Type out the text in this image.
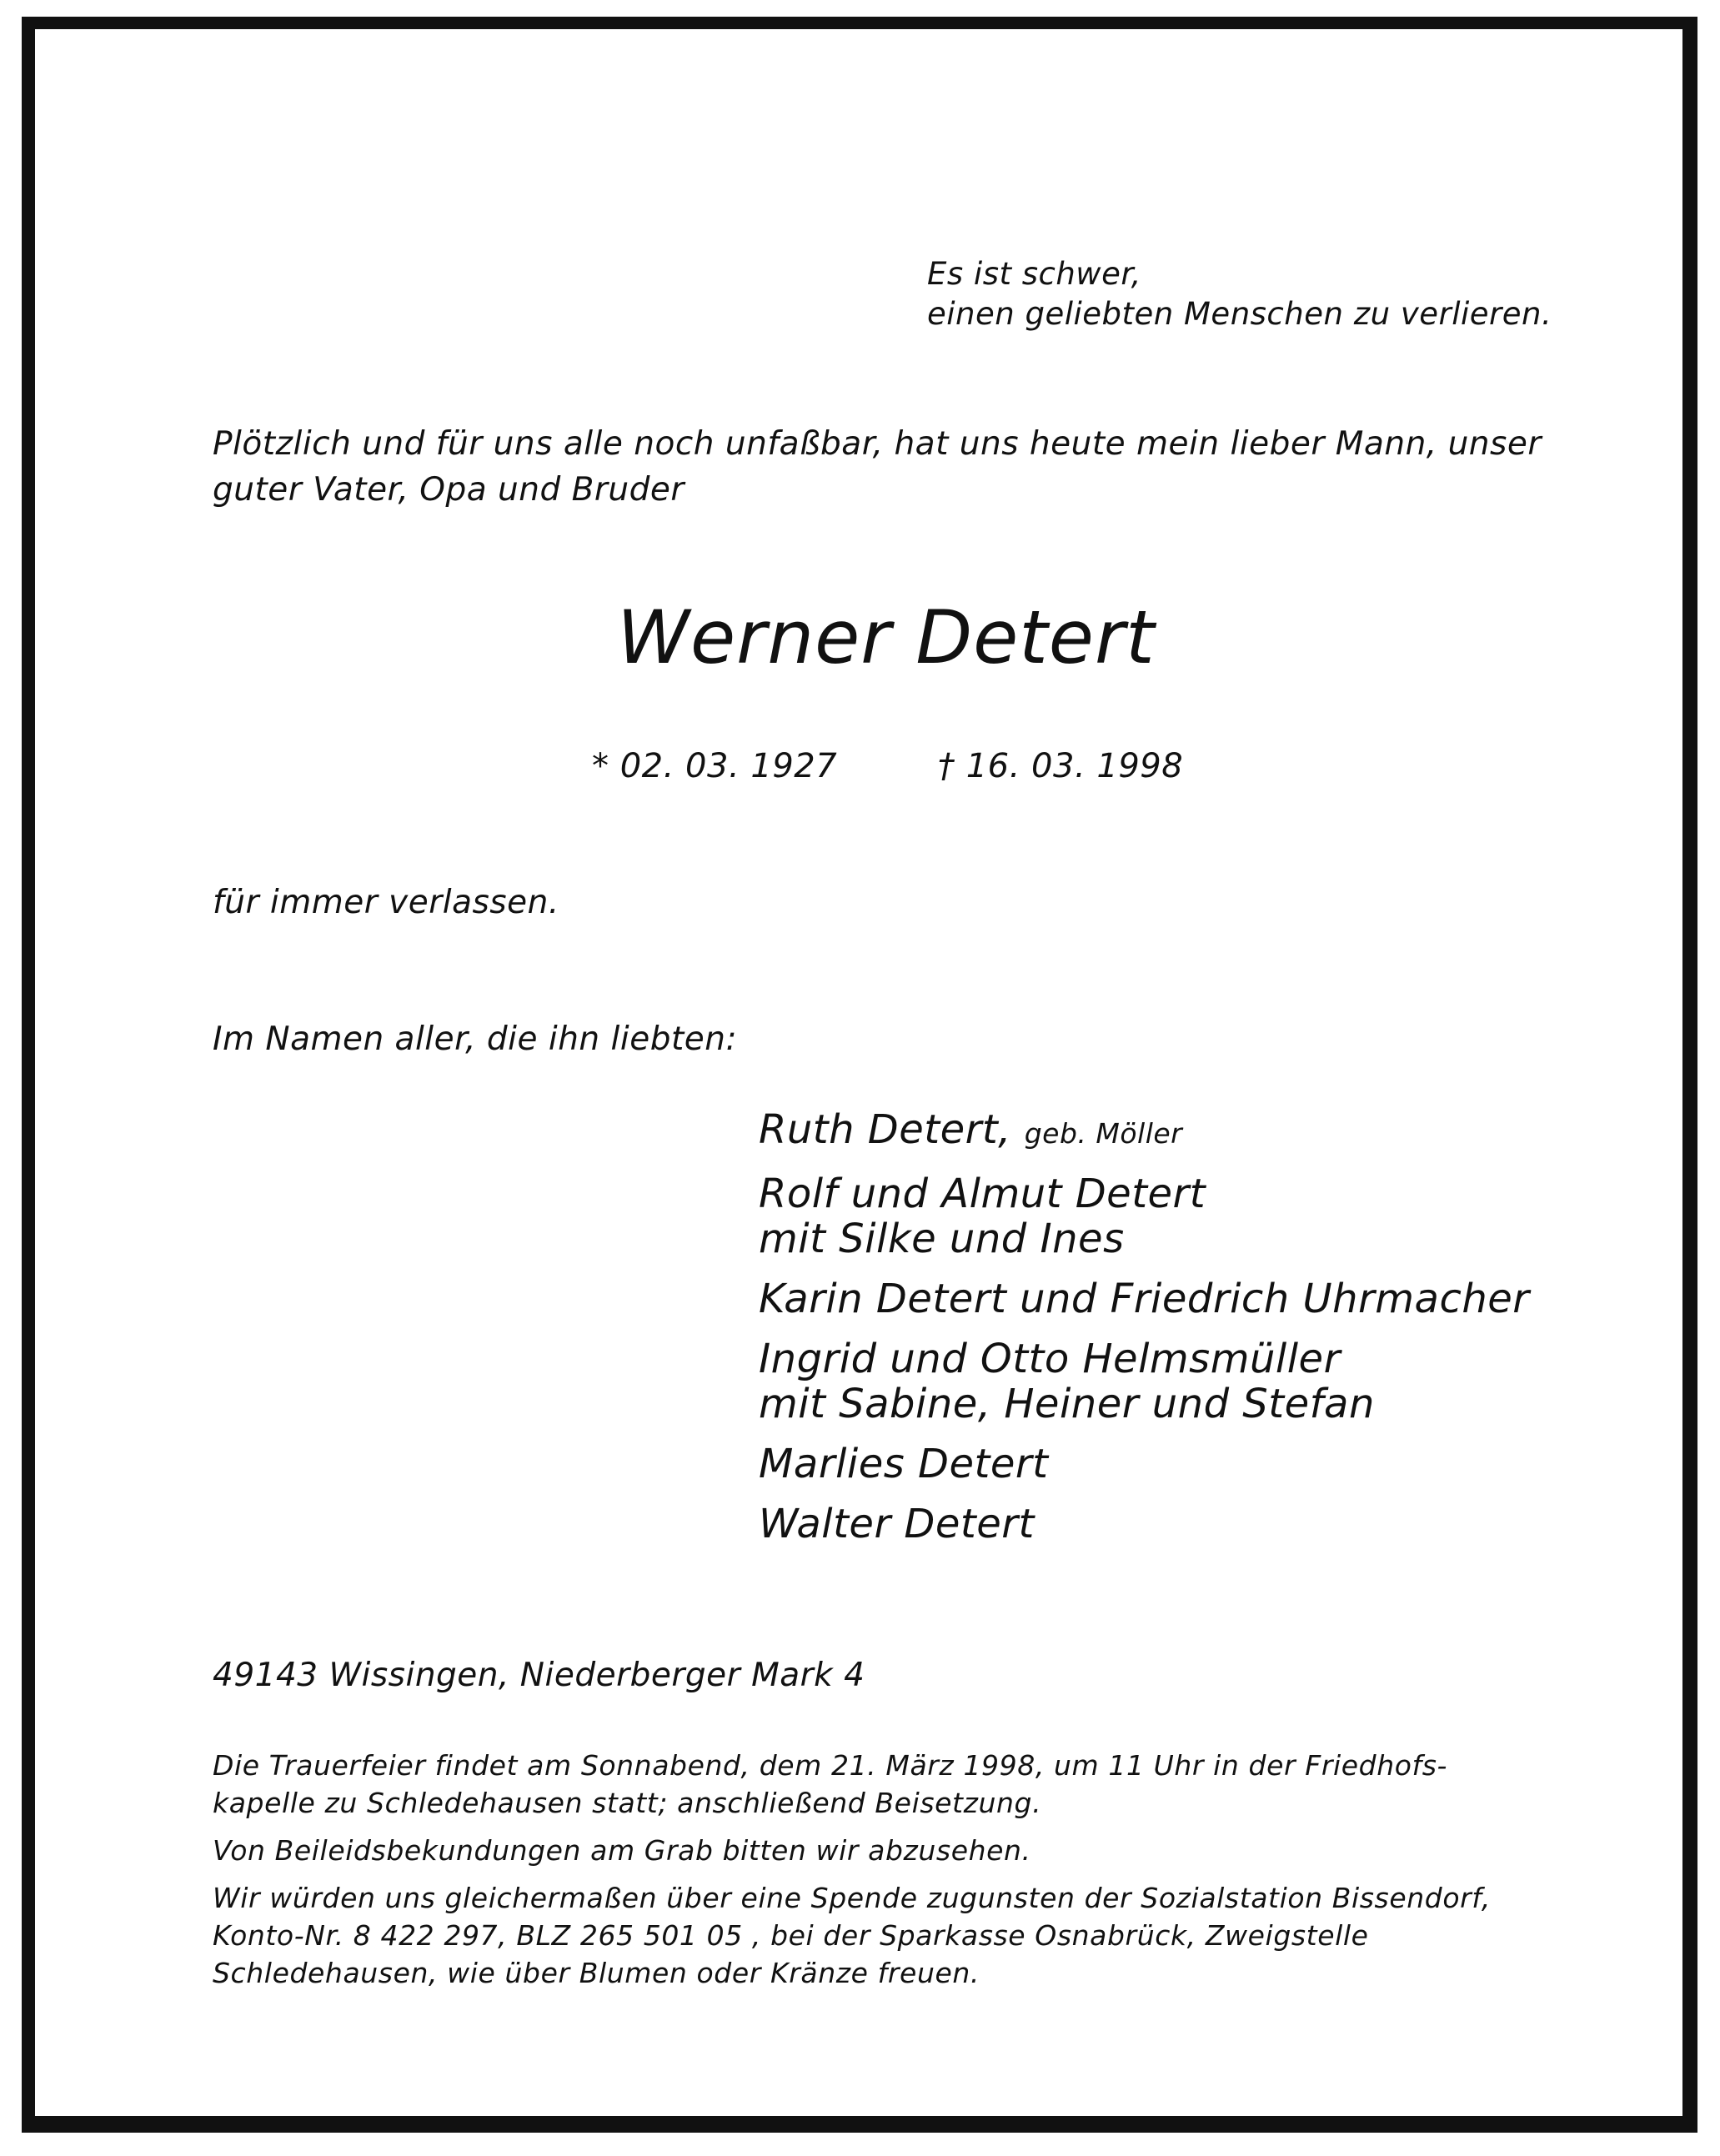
Es ist schwer,
einen geliebten Menschen zu verlieren.
Plötzlich und für uns alle noch unfaßbar, hat uns heute mein lieber Mann, unser
guter Vater, Opa und Bruder
Werner Detert
* 02. 03. 1927	† 16. 03. 1998
für immer verlassen.
Im Namen aller, die ihn liebten:
Ruth Detert, geb. Möller
Rolf und Almut Detert
mit Silke und Ines
Karin Detert und Friedrich Uhrmacher
Ingrid und Otto Helmsmüller
mit Sabine, Heiner und Stefan
Marlies Detert
Walter Detert
49143 Wissingen, Niederberger Mark 4

Die Trauerfeier findet am Sonnabend, dem 21. März 1998, um 11 Uhr in der Friedhofs-
kapelle zu Schledehausen statt; anschließend Beisetzung.

Von Beileidsbekundungen am Grab bitten wir abzusehen.

Wir würden uns gleichermaßen über eine Spende zugunsten der Sozialstation Bissendorf,
Konto-Nr. 8 422 297, BLZ 265 501 05 , bei der Sparkasse Osnabrück, Zweigstelle
Schledehausen, wie über Blumen oder Kränze freuen.
